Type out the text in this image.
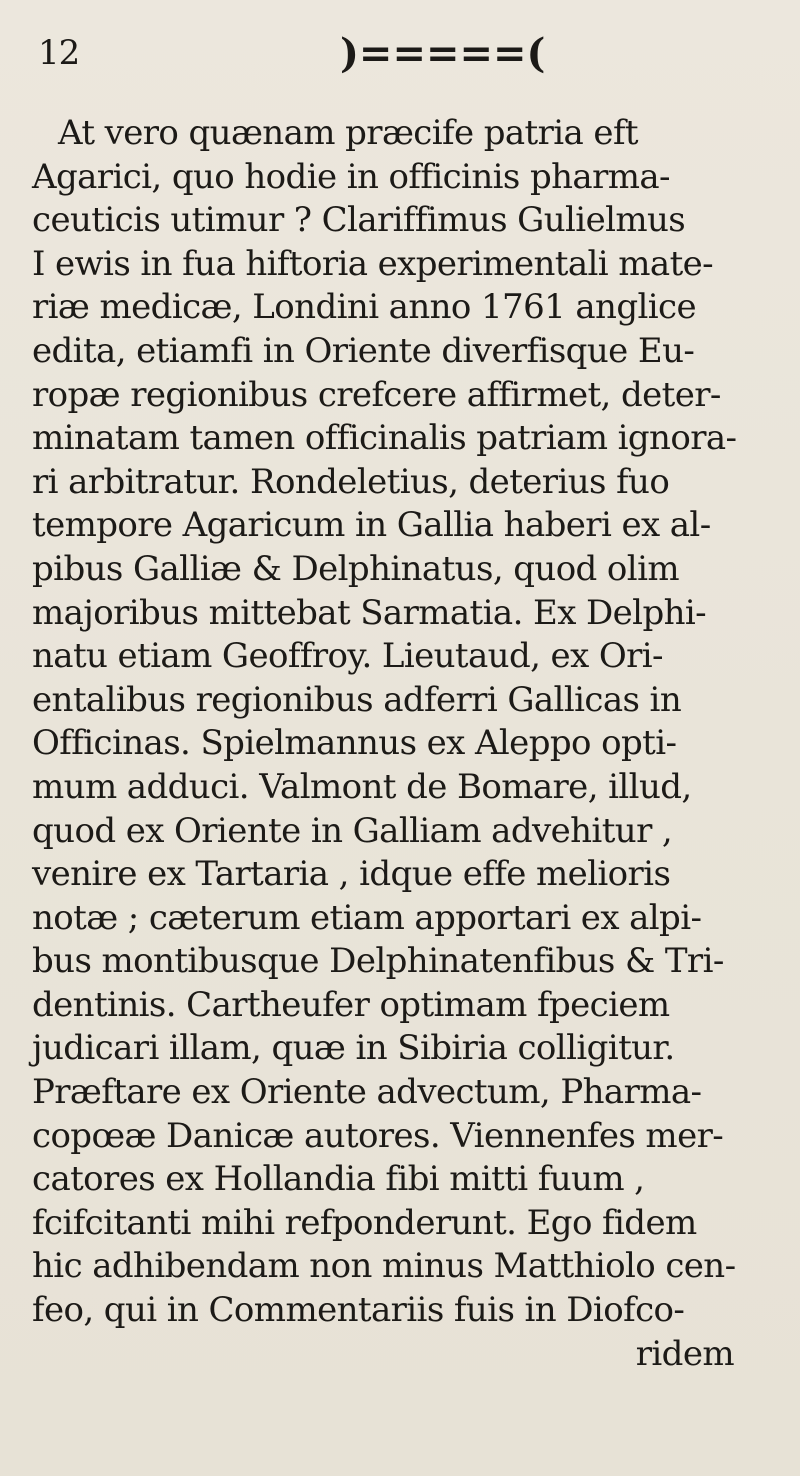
12	)=====(
At vero quænam præcife patria eft
Agarici, quo hodie in officinis pharma-
ceuticis utimur ? Clariffimus Gulielmus
I ewis in fua hiftoria experimentali mate-
riæ medicæ, Londini anno 1761 anglice
edita, etiamfi in Oriente diverfisque Eu-
ropæ regionibus crefcere affirmet, deter-
minatam tamen officinalis patriam ignora-
ri arbitratur. Rondeletius, deterius fuo
tempore Agaricum in Gallia haberi ex al-
pibus Galliæ & Delphinatus, quod olim
majoribus mittebat Sarmatia. Ex Delphi-
natu etiam Geoffroy. Lieutaud, ex Ori-
entalibus regionibus adferri Gallicas in
Officinas. Spielmannus ex Aleppo opti-
mum adduci. Valmont de Bomare, illud,
quod ex Oriente in Galliam advehitur ,
venire ex Tartaria , idque effe melioris
notæ ; cæterum etiam apportari ex alpi-
bus montibusque Delphinatenfibus & Tri-
dentinis. Cartheufer optimam fpeciem
judicari illam, quæ in Sibiria colligitur.
Præftare ex Oriente advectum, Pharma-
copœæ Danicæ autores. Viennenfes mer-
catores ex Hollandia fibi mitti fuum ,
fcifcitanti mihi refponderunt. Ego fidem
hic adhibendam non minus Matthiolo cen-
feo, qui in Commentariis fuis in Diofco-
ridem
